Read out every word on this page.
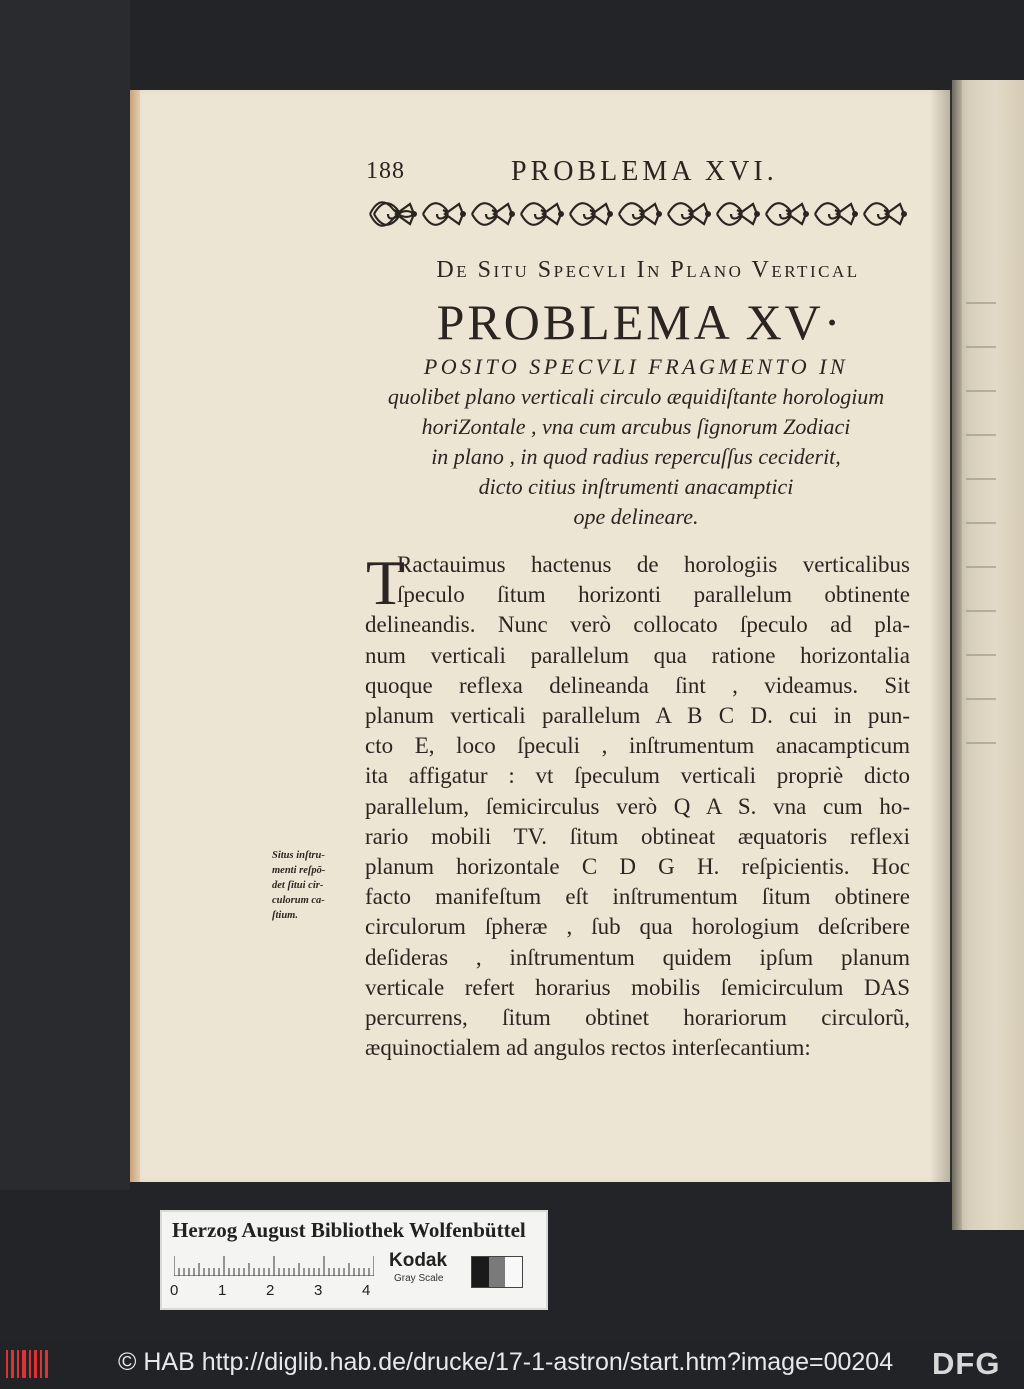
188	PROBLEMA XVI.
De Situ Specvli In Plano Vertical
PROBLEMA XV·
POSITO SPECVLI FRAGMENTO IN
quolibet plano verticali circulo æquidiſtante horologium
horiZontale , vna cum arcubus ſignorum Zodiaci
in plano , in quod radius repercuſſus ceciderit,
dicto citius inſtrumenti anacamptici
ope delineare.
T
Ractauimus hactenus de horologiis verticalibus
ſpeculo ſitum horizonti parallelum obtinente
delineandis. Nunc verò collocato ſpeculo ad pla-
num verticali parallelum qua ratione horizontalia
quoque reflexa delineanda ſint , videamus. Sit
planum verticali parallelum A B C D. cui in pun-
cto E, loco ſpeculi , inſtrumentum anacampticum
ita affigatur : vt ſpeculum verticali propriè dicto
parallelum, ſemicirculus verò Q A S. vna cum ho-
rario mobili TV. ſitum obtineat æquatoris reflexi
planum horizontale C D G H. reſpicientis. Hoc
facto manifeſtum eſt inſtrumentum ſitum obtinere
circulorum ſpheræ , ſub qua horologium deſcribere
deſideras , inſtrumentum quidem ipſum planum
verticale refert horarius mobilis ſemicirculum DAS
percurrens, ſitum obtinet horariorum circulorũ,
æquinoctialem ad angulos rectos interſecantium:
Situs inſtru-
menti reſpō-
det ſitui cir-
culorum ca-
ſtium.
Herzog August Bibliothek Wolfenbüttel
0	1	2	3	4
Kodak
Gray Scale
© HAB http://diglib.hab.de/drucke/17-1-astron/start.htm?image=00204 DFG
